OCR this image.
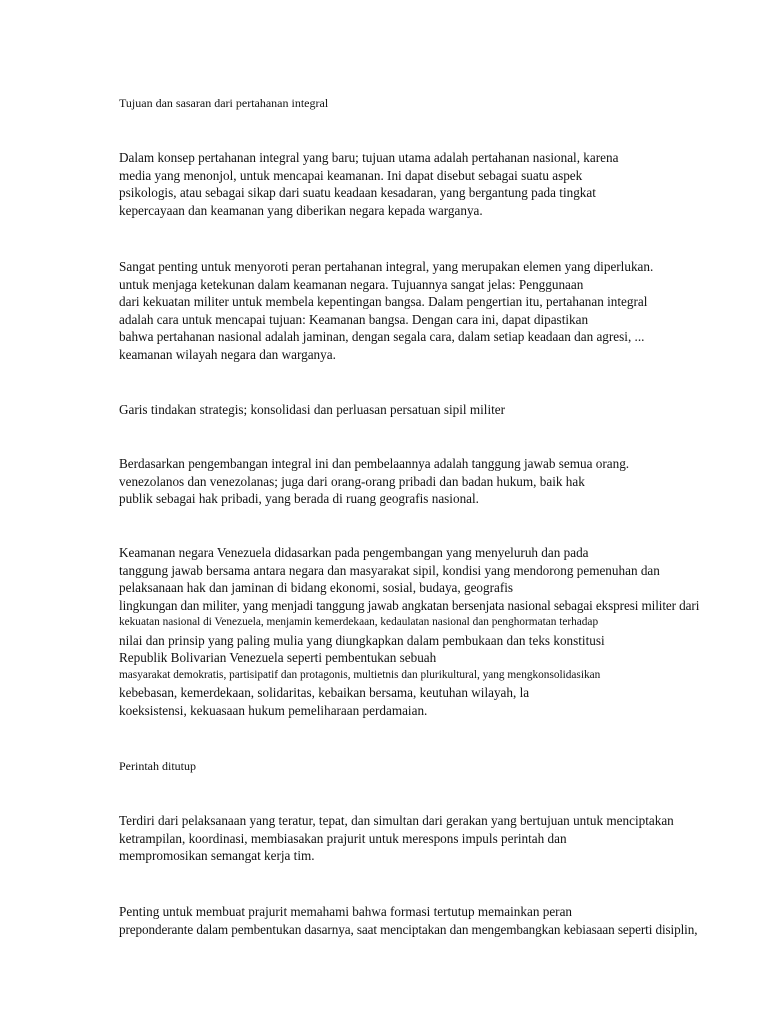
Tujuan dan sasaran dari pertahanan integral
Dalam konsep pertahanan integral yang baru; tujuan utama adalah pertahanan nasional, karena
media yang menonjol, untuk mencapai keamanan. Ini dapat disebut sebagai suatu aspek
psikologis, atau sebagai sikap dari suatu keadaan kesadaran, yang bergantung pada tingkat
kepercayaan dan keamanan yang diberikan negara kepada warganya.
Sangat penting untuk menyoroti peran pertahanan integral, yang merupakan elemen yang diperlukan.
untuk menjaga ketekunan dalam keamanan negara. Tujuannya sangat jelas: Penggunaan
dari kekuatan militer untuk membela kepentingan bangsa. Dalam pengertian itu, pertahanan integral
adalah cara untuk mencapai tujuan: Keamanan bangsa. Dengan cara ini, dapat dipastikan
bahwa pertahanan nasional adalah jaminan, dengan segala cara, dalam setiap keadaan dan agresi, ...
keamanan wilayah negara dan warganya.
Garis tindakan strategis; konsolidasi dan perluasan persatuan sipil militer
Berdasarkan pengembangan integral ini dan pembelaannya adalah tanggung jawab semua orang.
venezolanos dan venezolanas; juga dari orang-orang pribadi dan badan hukum, baik hak
publik sebagai hak pribadi, yang berada di ruang geografis nasional.
Keamanan negara Venezuela didasarkan pada pengembangan yang menyeluruh dan pada
tanggung jawab bersama antara negara dan masyarakat sipil, kondisi yang mendorong pemenuhan dan
pelaksanaan hak dan jaminan di bidang ekonomi, sosial, budaya, geografis
lingkungan dan militer, yang menjadi tanggung jawab angkatan bersenjata nasional sebagai ekspresi militer dari
kekuatan nasional di Venezuela, menjamin kemerdekaan, kedaulatan nasional dan penghormatan terhadap
nilai dan prinsip yang paling mulia yang diungkapkan dalam pembukaan dan teks konstitusi
Republik Bolivarian Venezuela seperti pembentukan sebuah
masyarakat demokratis, partisipatif dan protagonis, multietnis dan plurikultural, yang mengkonsolidasikan
kebebasan, kemerdekaan, solidaritas, kebaikan bersama, keutuhan wilayah, la
koeksistensi, kekuasaan hukum pemeliharaan perdamaian.
Perintah ditutup
Terdiri dari pelaksanaan yang teratur, tepat, dan simultan dari gerakan yang bertujuan untuk menciptakan
ketrampilan, koordinasi, membiasakan prajurit untuk merespons impuls perintah dan
mempromosikan semangat kerja tim.
Penting untuk membuat prajurit memahami bahwa formasi tertutup memainkan peran
preponderante dalam pembentukan dasarnya, saat menciptakan dan mengembangkan kebiasaan seperti disiplin,
